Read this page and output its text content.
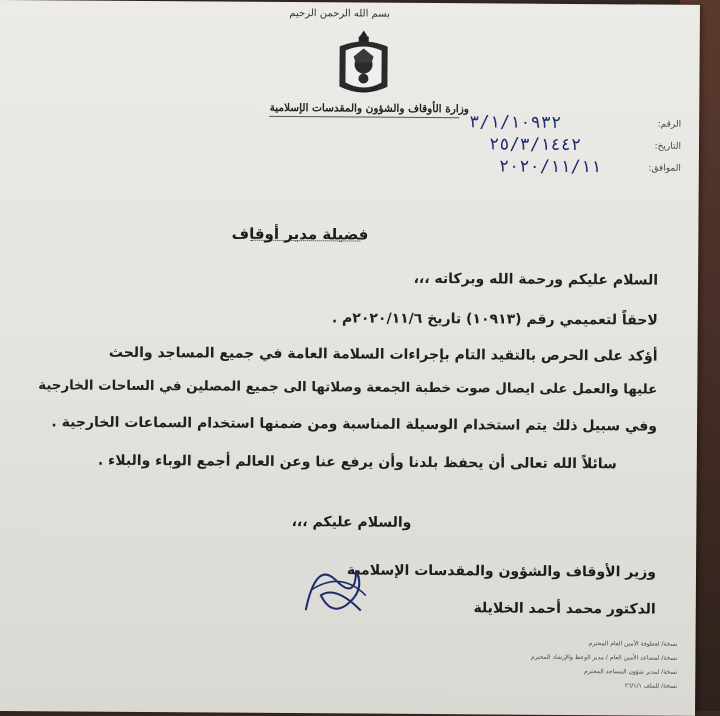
بسم الله الرحمن الرحيم
وزارة الأوقاف والشؤون والمقدسات الإسلامية
الرقم:
٣/١/١٠٩٣٢
التاريخ:
٢٥/٣/١٤٤٢
الموافق:
٢٠٢٠/١١/١١
فضيلة مدير أوقاف
السلام عليكم ورحمة الله وبركاته ،،،
لاحقاً لتعميمي رقم (١٠٩١٣) تاريخ ٢٠٢٠/١١/٦م .
أؤكد على الحرص بالتقيد التام بإجراءات السلامة العامة في جميع المساجد والحث
عليها والعمل على ايصال صوت خطبة الجمعة وصلاتها الى جميع المصلين في الساحات الخارجية
وفي سبيل ذلك يتم استخدام الوسيلة المناسبة ومن ضمنها استخدام السماعات الخارجية .
سائلاً الله تعالى أن يحفظ بلدنا وأن يرفع عنا وعن العالم أجمع الوباء والبلاء .
والسلام عليكم ،،،
وزير الأوقاف والشؤون والمقدسات الإسلامية
الدكتور محمد أحمد الخلايلة
نسخة/ لعطوفة الأمين العام المحترم
نسخة/ لمساعد الأمين العام / مدير الوعظ والإرشاد المحترم
نسخة/ لمدير شؤون المساجد المحترم
نسخة/ للملف ٢٦/١/١
